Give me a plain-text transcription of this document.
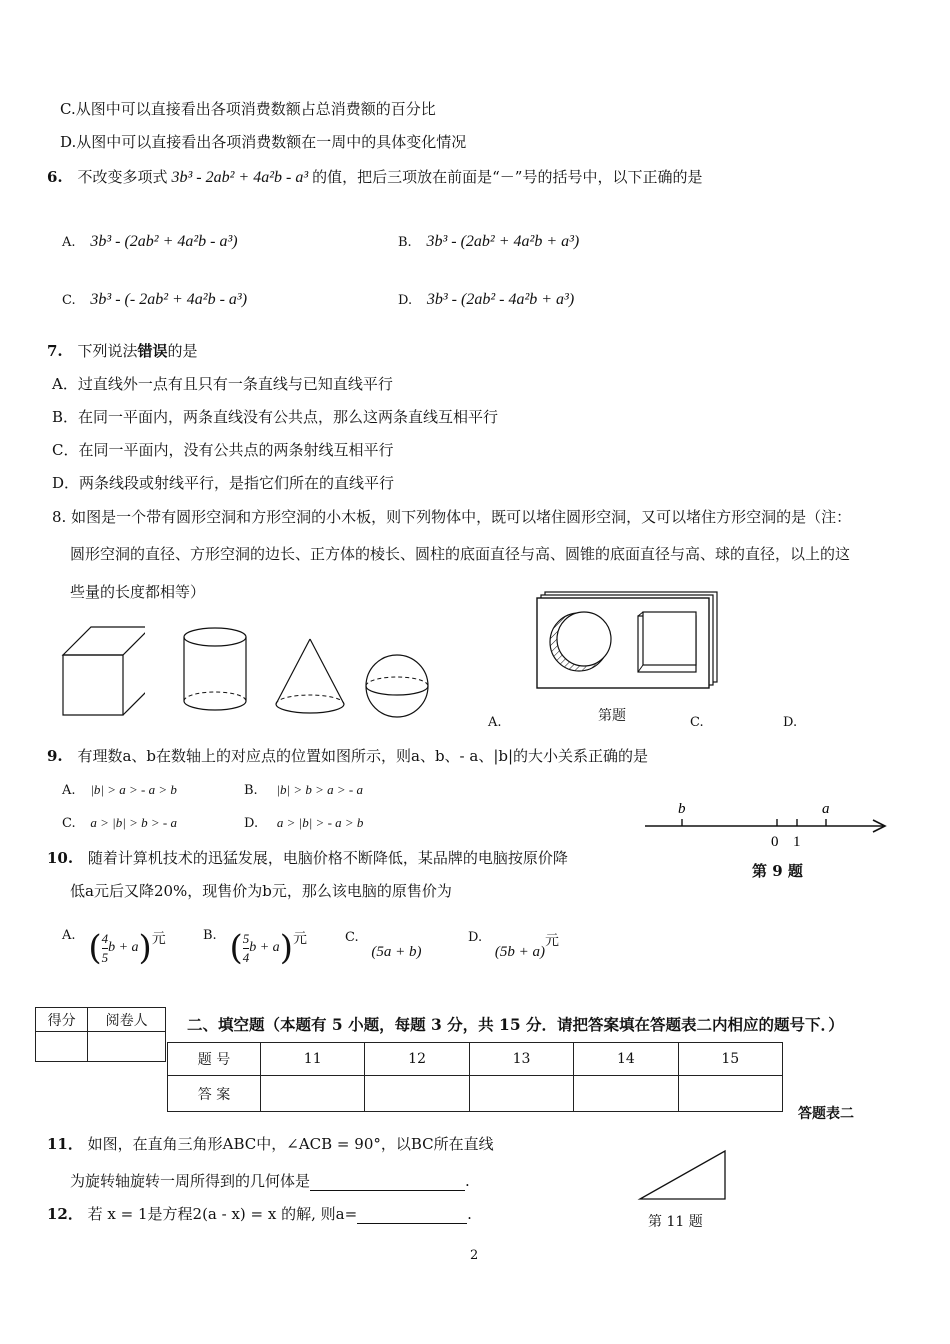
C.从图中可以直接看出各项消费数额占总消费额的百分比
D.从图中可以直接看出各项消费数额在一周中的具体变化情况
6. 不改变多项式 3b³ - 2ab² + 4a²b - a³ 的值，把后三项放在前面是“－”号的括号中，以下正确的是
A. 3b³ - (2ab² + 4a²b - a³)	B. 3b³ - (2ab² + 4a²b + a³)
C. 3b³ - (- 2ab² + 4a²b - a³)	D. 3b³ - (2ab² - 4a²b + a³)
7. 下列说法错误的是
A．过直线外一点有且只有一条直线与已知直线平行
B．在同一平面内，两条直线没有公共点，那么这两条直线互相平行
C．在同一平面内，没有公共点的两条射线互相平行
D．两条线段或射线平行，是指它们所在的直线平行
8. 如图是一个带有圆形空洞和方形空洞的小木板，则下列物体中，既可以堵住圆形空洞，又可以堵住方形空洞的是（注：
圆形空洞的直径、方形空洞的边长、正方体的棱长、圆柱的底面直径与高、圆锥的底面直径与高、球的直径，以上的这
些量的长度都相等）
第题
A.	C.	D.
9. 有理数a、b在数轴上的对应点的位置如图所示，则a、b、- a、|b|的大小关系正确的是
A. |b| > a > - a > b	B. |b| > b > a > - a
C. a > |b| > b > - a	D. a > |b| > - a > b
b	a
0 1
第 9 题
10. 随着计算机技术的迅猛发展，电脑价格不断降低，某品牌的电脑按原价降
低a元后又降20%，现售价为b元，那么该电脑的原售价为
A. ( $\frac{4}{5}$ b + a)元	B. ( $\frac{5}{4}$ b + a)元	C. (5a + b)
D. (5b + a)元
得分	阅卷人
		二、填空题（本题有 5 小题，每题 3 分，共 15 分．请把答案填在答题表二内相应的题号下．）
题 号	11	12	13	14	15
答 案					
答题表二
11． 如图，在直角三角形ABC中，∠ACB = 90°，以BC所在直线
为旋转轴旋转一周所得到的几何体是	.
第 11 题
12． 若 x = 1是方程2(a - x) = x 的解, 则a=	.
2
